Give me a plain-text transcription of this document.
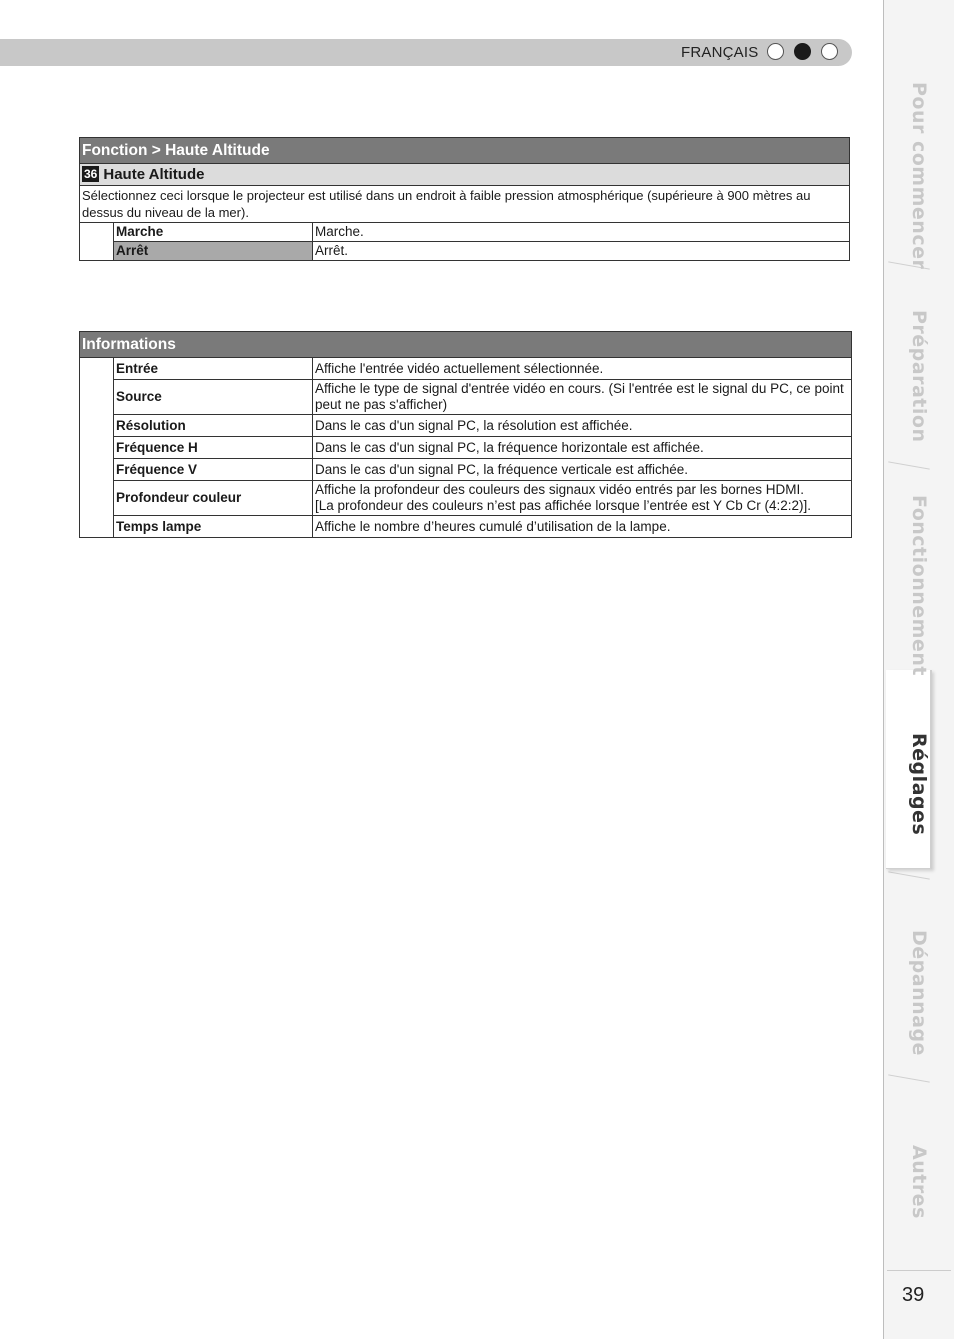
FRANÇAIS
Fonction > Haute Altitude		
36 Haute Altitude		
Sélectionnez ceci lorsque le projecteur est utilisé dans un endroit à faible pression atmosphérique (supérieure à 900 mètres au dessus du niveau de la mer).		
	Marche	Marche.
	Arrêt	Arrêt.
Informations		
	Entrée	Affiche l'entrée vidéo actuellement sélectionnée.
	Source	Affiche le type de signal d'entrée vidéo en cours. (Si l'entrée est le signal du PC, ce point peut ne pas s'afficher)
	Résolution	Dans le cas d'un signal PC, la résolution est affichée.
	Fréquence H	Dans le cas d'un signal PC, la fréquence horizontale est affichée.
	Fréquence V	Dans le cas d'un signal PC, la fréquence verticale est affichée.
	Profondeur couleur	Affiche la profondeur des couleurs des signaux vidéo entrés par les bornes HDMI.
[La profondeur des couleurs n’est pas affichée lorsque l’entrée est Y Cb Cr (4:2:2)].
	Temps lampe	Affiche le nombre d’heures cumulé d’utilisation de la lampe.
Pour commencer
Préparation
Fonctionnement
Réglages
Dépannage
Autres
39
